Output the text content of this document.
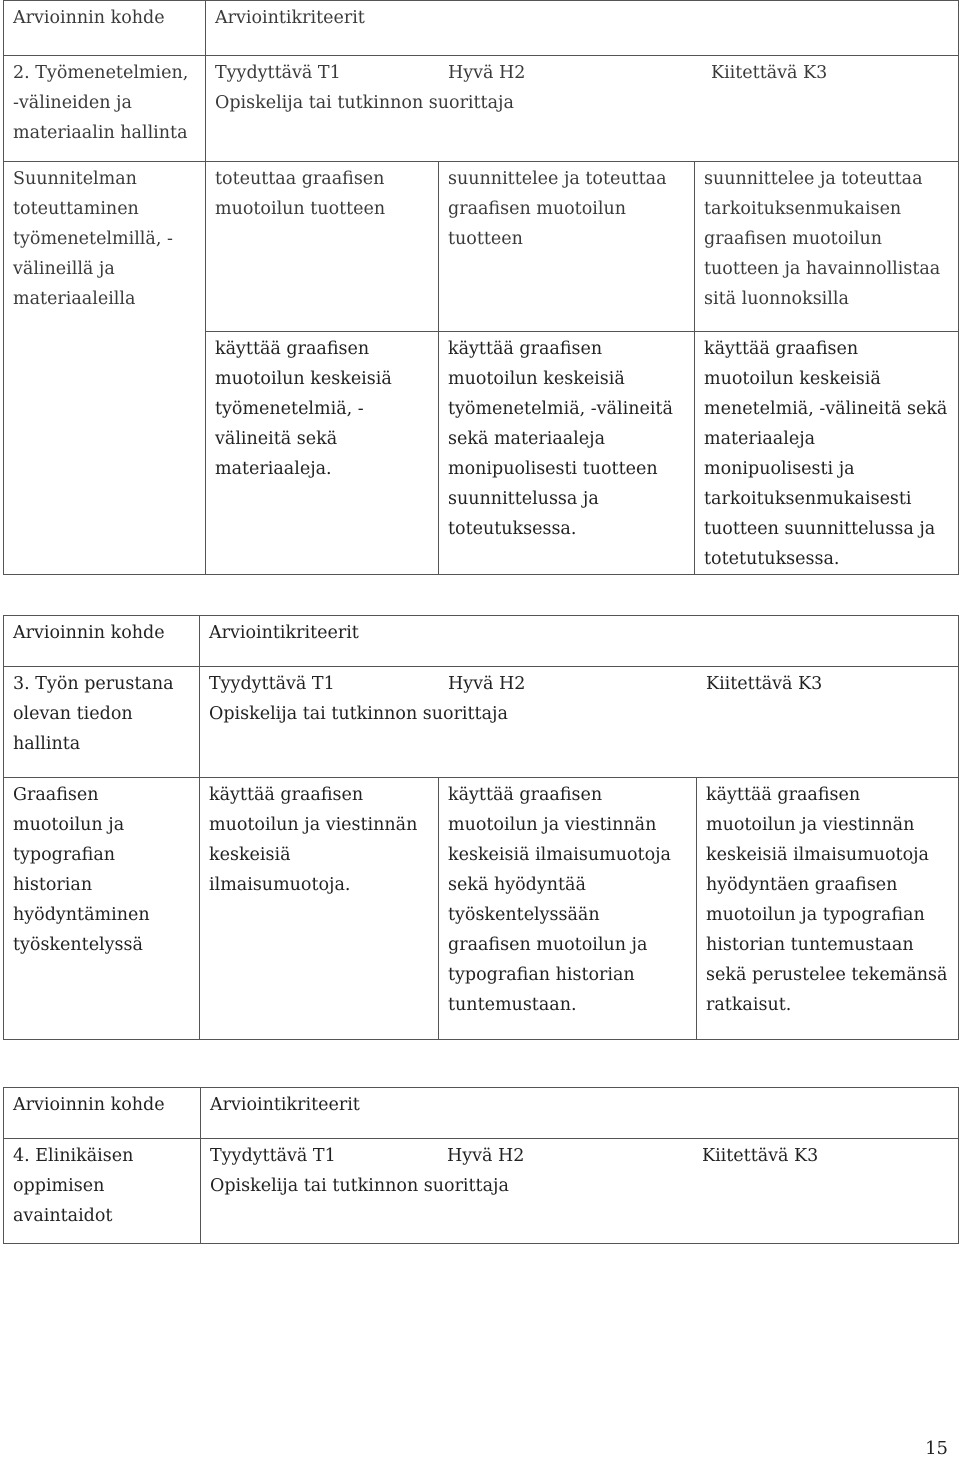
Arvioinnin kohde	Arviointikriteerit		
2. Työmenetelmien, -välineiden ja materiaalin hallinta	Tyydyttävä T1 Hyvä H2 Kiitettävä K3
Opiskelija tai tutkinnon suorittaja		

Suunnitelman toteuttaminen työmenetelmillä, -välineillä ja materiaaleilla	toteuttaa graafisen muotoilun tuotteen	suunnittelee ja toteuttaa graafisen muotoilun tuotteen	suunnittelee ja toteuttaa tarkoituksenmukaisen graafisen muotoilun tuotteen ja havainnollistaa sitä luonnoksilla
	käyttää graafisen muotoilun keskeisiä työmenetelmiä, -välineitä sekä materiaaleja.	käyttää graafisen muotoilun keskeisiä työmenetelmiä, -välineitä sekä materiaaleja monipuolisesti tuotteen suunnittelussa ja toteutuksessa.	käyttää graafisen muotoilun keskeisiä menetelmiä, -välineitä sekä materiaaleja monipuolisesti ja tarkoituksenmukaisesti tuotteen suunnittelussa ja totetutuksessa.
Arvioinnin kohde	Arviointikriteerit		
3. Työn perustana olevan tiedon hallinta	Tyydyttävä T1 Hyvä H2 Kiitettävä K3
Opiskelija tai tutkinnon suorittaja		

Graafisen muotoilun ja typografian historian hyödyntäminen työskentelyssä	käyttää graafisen muotoilun ja viestinnän keskeisiä ilmaisumuotoja.	käyttää graafisen muotoilun ja viestinnän keskeisiä ilmaisumuotoja sekä hyödyntää työskentelyssään graafisen muotoilun ja typografian historian tuntemustaan.	käyttää graafisen muotoilun ja viestinnän keskeisiä ilmaisumuotoja hyödyntäen graafisen muotoilun ja typografian historian tuntemustaan sekä perustelee tekemänsä ratkaisut.
Arvioinnin kohde	Arviointikriteerit
4. Elinikäisen oppimisen avaintaidot	Tyydyttävä T1 Hyvä H2 Kiitettävä K3
Opiskelija tai tutkinnon suorittaja
15
